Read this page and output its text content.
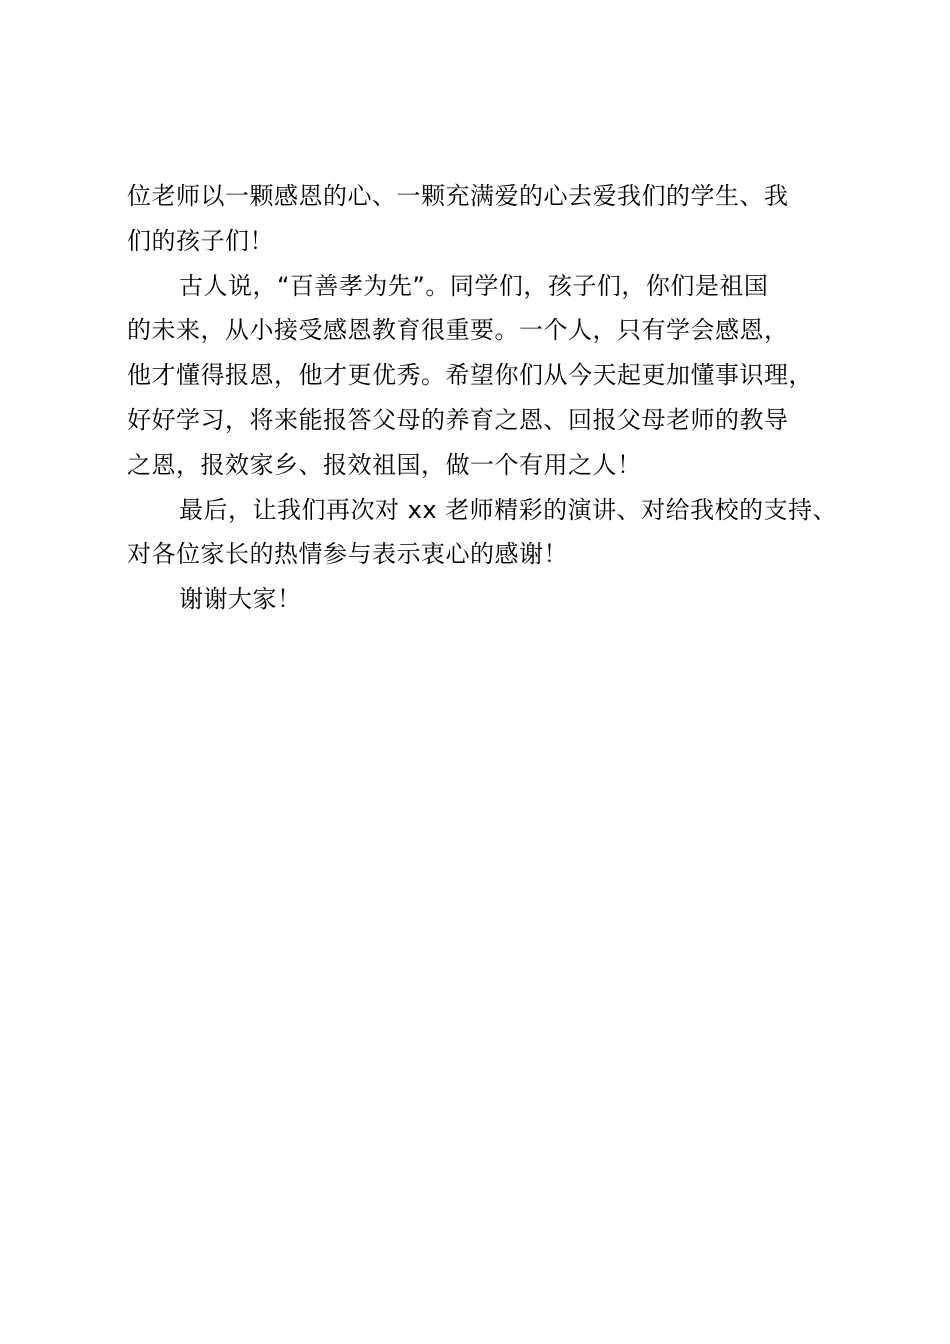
位老师以一颗感恩的心、一颗充满爱的心去爱我们的学生、我
们的孩子们！
古人说，“百善孝为先”。同学们，孩子们，你们是祖国
的未来，从小接受感恩教育很重要。一个人，只有学会感恩，
他才懂得报恩，他才更优秀。希望你们从今天起更加懂事识理，
好好学习，将来能报答父母的养育之恩、回报父母老师的教导
之恩，报效家乡、报效祖国，做一个有用之人！
最后，让我们再次对 xx 老师精彩的演讲、对给我校的支持、
对各位家长的热情参与表示衷心的感谢！
谢谢大家！
